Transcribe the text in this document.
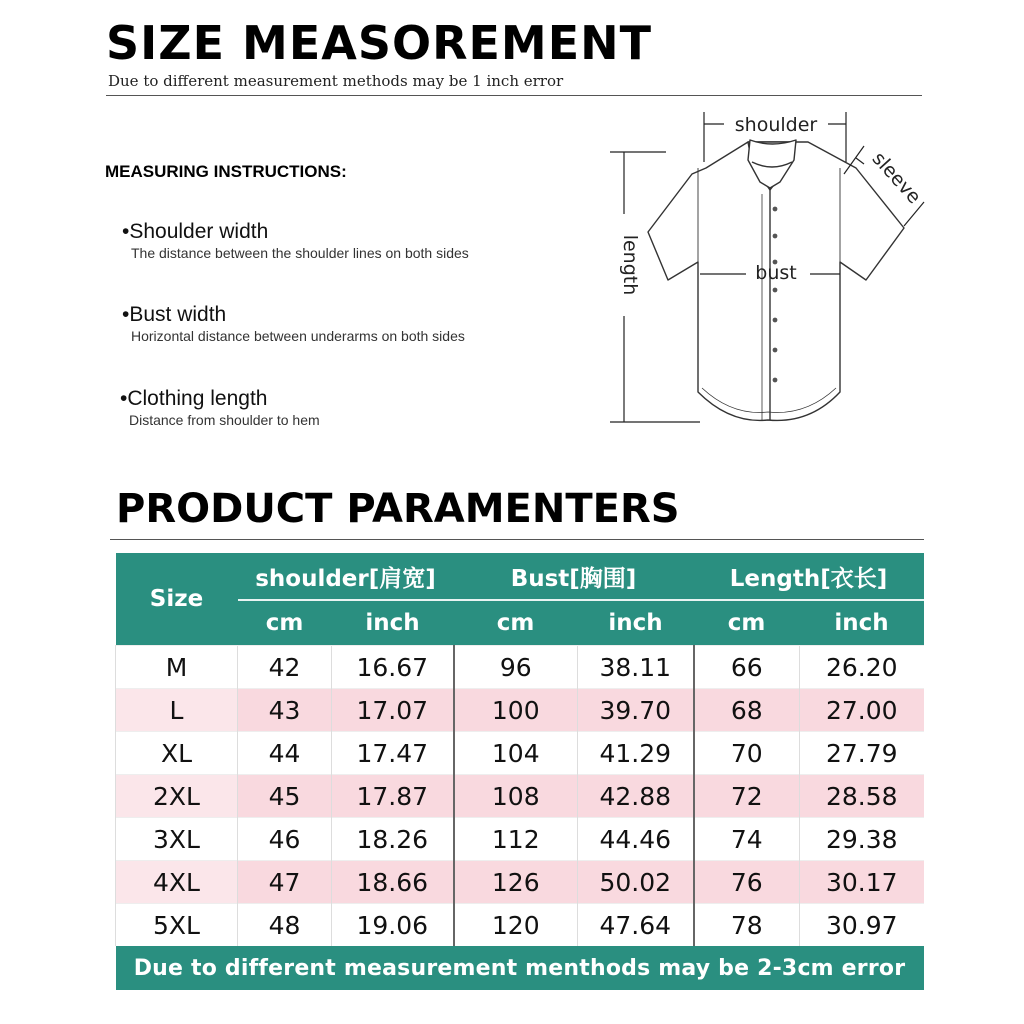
SIZE MEASOREMENT
Due to different measurement methods may be 1 inch error
MEASURING INSTRUCTIONS:
•Shoulder width
The distance between the shoulder lines on both sides
•Bust width
Horizontal distance between underarms on both sides
•Clothing length
Distance from shoulder to hem
shoulder
sleeve
length	bust
PRODUCT PARAMENTERS
Size	shoulder[肩宽]		Bust[胸围]		Length[衣长]	
	cm	inch	cm	inch	cm	inch
M	42	16.67	96	38.11	66	26.20
L	43	17.07	100	39.70	68	27.00
XL	44	17.47	104	41.29	70	27.79
2XL	45	17.87	108	42.88	72	28.58
3XL	46	18.26	112	44.46	74	29.38
4XL	47	18.66	126	50.02	76	30.17
5XL	48	19.06	120	47.64	78	30.97
Due to different measurement menthods may be 2-3cm error						
